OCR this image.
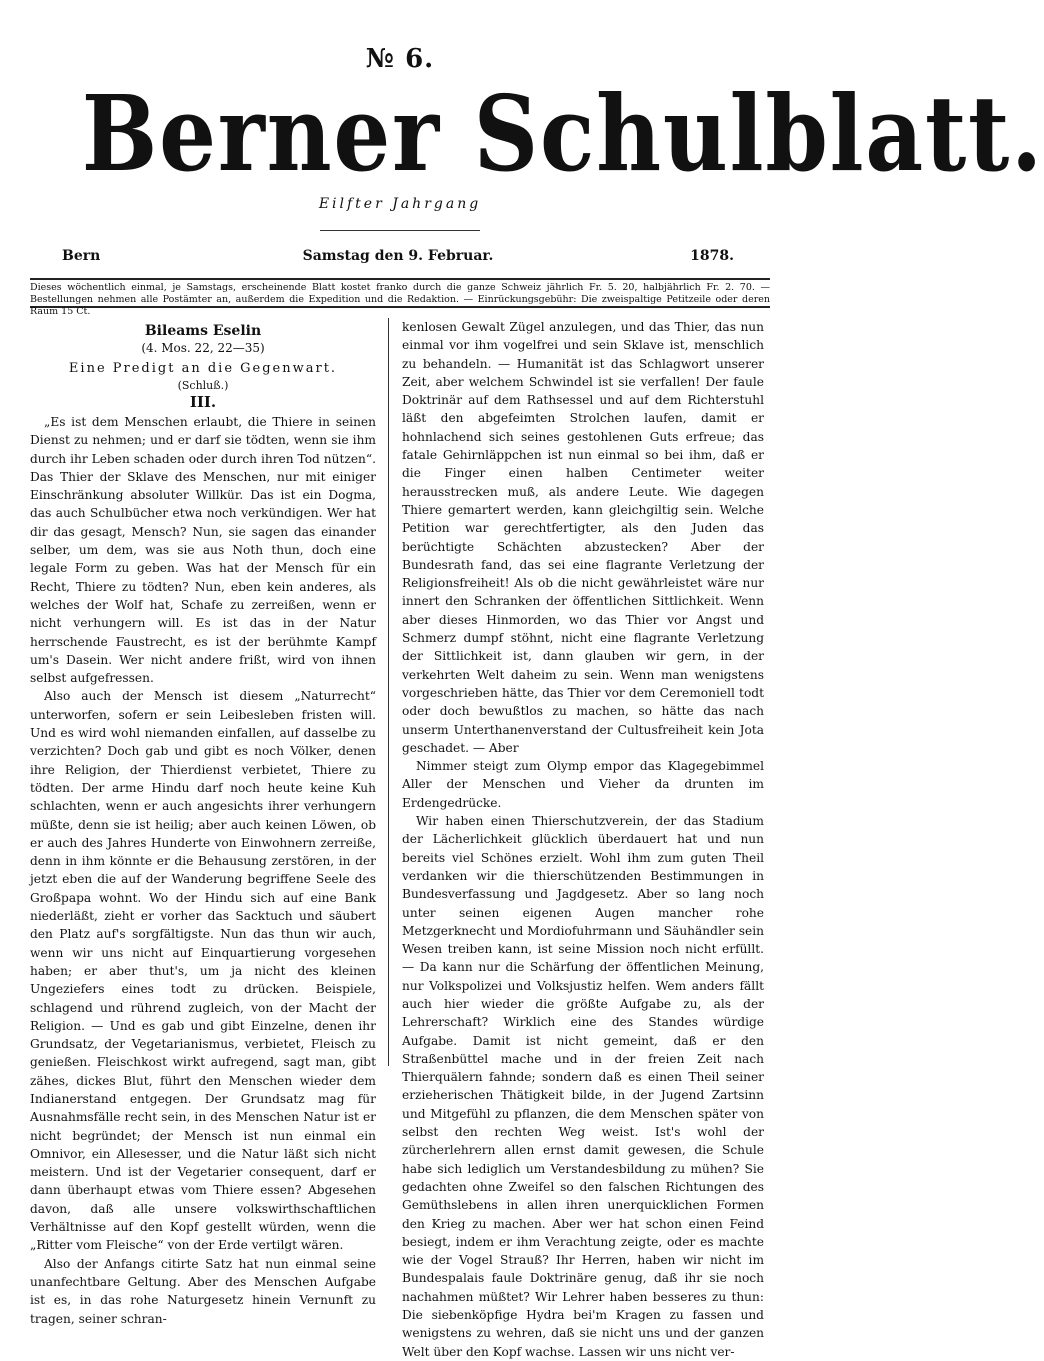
№ 6.
Berner Schulblatt.
Eilfter Jahrgang
Bern	Samstag den 9. Februar.	1878.
Dieses wöchentlich einmal, je Samstags, erscheinende Blatt kostet franko durch die ganze Schweiz jährlich Fr. 5. 20, halbjährlich Fr. 2. 70. — Bestellungen nehmen alle Postämter an, außerdem die Expedition und die Redaktion. — Einrückungsgebühr: Die zweispaltige Petitzeile oder deren Raum 15 Ct.

Bileams Eselin

(4. Mos. 22, 22—35)

Eine Predigt an die Gegenwart.

(Schluß.)

III.

„Es ist dem Menschen erlaubt, die Thiere in seinen Dienst zu nehmen; und er darf sie tödten, wenn sie ihm durch ihr Leben schaden oder durch ihren Tod nützen“. Das Thier der Sklave des Menschen, nur mit einiger Einschränkung absoluter Willkür. Das ist ein Dogma, das auch Schulbücher etwa noch verkündigen. Wer hat dir das gesagt, Mensch? Nun, sie sagen das einander selber, um dem, was sie aus Noth thun, doch eine legale Form zu geben. Was hat der Mensch für ein Recht, Thiere zu tödten? Nun, eben kein anderes, als welches der Wolf hat, Schafe zu zerreißen, wenn er nicht verhungern will. Es ist das in der Natur herrschende Faustrecht, es ist der berühmte Kampf um's Dasein. Wer nicht andere frißt, wird von ihnen selbst aufgefressen.

Also auch der Mensch ist diesem „Naturrecht“ unterworfen, sofern er sein Leibesleben fristen will. Und es wird wohl niemanden einfallen, auf dasselbe zu verzichten? Doch gab und gibt es noch Völker, denen ihre Religion, der Thierdienst verbietet, Thiere zu tödten. Der arme Hindu darf noch heute keine Kuh schlachten, wenn er auch angesichts ihrer verhungern müßte, denn sie ist heilig; aber auch keinen Löwen, ob er auch des Jahres Hunderte von Einwohnern zerreiße, denn in ihm könnte er die Behausung zerstören, in der jetzt eben die auf der Wanderung begriffene Seele des Großpapa wohnt. Wo der Hindu sich auf eine Bank niederläßt, zieht er vorher das Sacktuch und säubert den Platz auf's sorgfältigste. Nun das thun wir auch, wenn wir uns nicht auf Einquartierung vorgesehen haben; er aber thut's, um ja nicht des kleinen Ungeziefers eines todt zu drücken. Beispiele, schlagend und rührend zugleich, von der Macht der Religion. — Und es gab und gibt Einzelne, denen ihr Grundsatz, der Vegetarianismus, verbietet, Fleisch zu genießen. Fleischkost wirkt aufregend, sagt man, gibt zähes, dickes Blut, führt den Menschen wieder dem Indianerstand entgegen. Der Grundsatz mag für Ausnahmsfälle recht sein, in des Menschen Natur ist er nicht begründet; der Mensch ist nun einmal ein Omnivor, ein Allesesser, und die Natur läßt sich nicht meistern. Und ist der Vegetarier consequent, darf er dann überhaupt etwas vom Thiere essen? Abgesehen davon, daß alle unsere volkswirthschaftlichen Verhältnisse auf den Kopf gestellt würden, wenn die „Ritter vom Fleische“ von der Erde vertilgt wären.

Also der Anfangs citirte Satz hat nun einmal seine unanfechtbare Geltung. Aber des Menschen Aufgabe ist es, in das rohe Naturgesetz hinein Vernunft zu tragen, seiner schran-

kenlosen Gewalt Zügel anzulegen, und das Thier, das nun einmal vor ihm vogelfrei und sein Sklave ist, menschlich zu behandeln. — Humanität ist das Schlagwort unserer Zeit, aber welchem Schwindel ist sie verfallen! Der faule Doktrinär auf dem Rathsessel und auf dem Richterstuhl läßt den abgefeimten Strolchen laufen, damit er hohnlachend sich seines gestohlenen Guts erfreue; das fatale Gehirnläppchen ist nun einmal so bei ihm, daß er die Finger einen halben Centimeter weiter herausstrecken muß, als andere Leute. Wie dagegen Thiere gemartert werden, kann gleichgiltig sein. Welche Petition war gerechtfertigter, als den Juden das berüchtigte Schächten abzustecken? Aber der Bundesrath fand, das sei eine flagrante Verletzung der Religionsfreiheit! Als ob die nicht gewährleistet wäre nur innert den Schranken der öffentlichen Sittlichkeit. Wenn aber dieses Hinmorden, wo das Thier vor Angst und Schmerz dumpf stöhnt, nicht eine flagrante Verletzung der Sittlichkeit ist, dann glauben wir gern, in der verkehrten Welt daheim zu sein. Wenn man wenigstens vorgeschrieben hätte, das Thier vor dem Ceremoniell todt oder doch bewußtlos zu machen, so hätte das nach unserm Unterthanenverstand der Cultusfreiheit kein Jota geschadet. — Aber

Nimmer steigt zum Olymp empor das Klagegebimmel Aller der Menschen und Vieher da drunten im Erdengedrücke.

Wir haben einen Thierschutzverein, der das Stadium der Lächerlichkeit glücklich überdauert hat und nun bereits viel Schönes erzielt. Wohl ihm zum guten Theil verdanken wir die thierschützenden Bestimmungen in Bundesverfassung und Jagdgesetz. Aber so lang noch unter seinen eigenen Augen mancher rohe Metzgerknecht und Mordiofuhrmann und Säuhändler sein Wesen treiben kann, ist seine Mission noch nicht erfüllt. — Da kann nur die Schärfung der öffentlichen Meinung, nur Volkspolizei und Volksjustiz helfen. Wem anders fällt auch hier wieder die größte Aufgabe zu, als der Lehrerschaft? Wirklich eine des Standes würdige Aufgabe. Damit ist nicht gemeint, daß er den Straßenbüttel mache und in der freien Zeit nach Thierquälern fahnde; sondern daß es einen Theil seiner erzieherischen Thätigkeit bilde, in der Jugend Zartsinn und Mitgefühl zu pflanzen, die dem Menschen später von selbst den rechten Weg weist. Ist's wohl der zürcherlehrern allen ernst damit gewesen, die Schule habe sich lediglich um Verstandesbildung zu mühen? Sie gedachten ohne Zweifel so den falschen Richtungen des Gemüthslebens in allen ihren unerquicklichen Formen den Krieg zu machen. Aber wer hat schon einen Feind besiegt, indem er ihm Verachtung zeigte, oder es machte wie der Vogel Strauß? Ihr Herren, haben wir nicht im Bundespalais faule Doktrinäre genug, daß ihr sie noch nachahmen müßtet? Wir Lehrer haben besseres zu thun: Die siebenköpfige Hydra bei'm Kragen zu fassen und wenigstens zu wehren, daß sie nicht uns und der ganzen Welt über den Kopf wachse. Lassen wir uns nicht ver-
